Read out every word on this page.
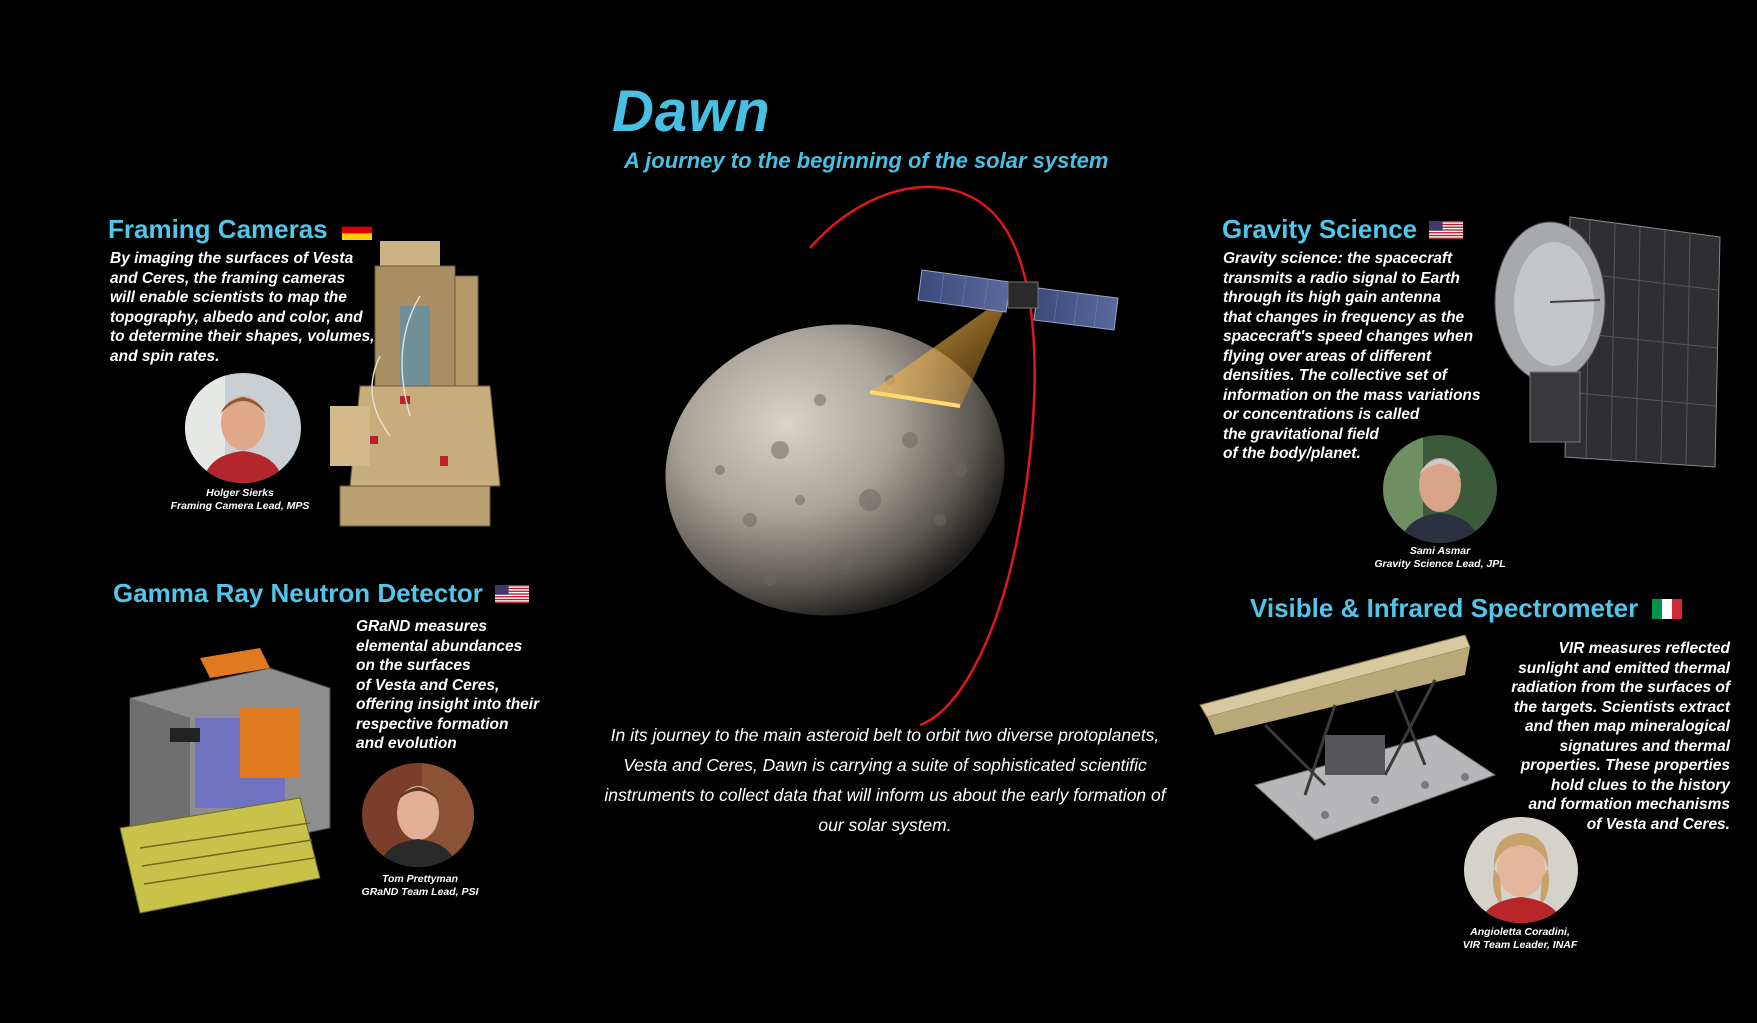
Dawn
A journey to the beginning of the solar system

In its journey to the main asteroid belt to orbit two diverse protoplanets, Vesta and Ceres, Dawn is carrying a suite of sophisticated scientific instruments to collect data that will inform us about the early formation of our solar system.

Framing Cameras

By imaging the surfaces of Vesta
and Ceres, the framing cameras
will enable scientists to map the
topography, albedo and color, and
to determine their shapes, volumes,
and spin rates.

Holger Sierks
Framing Camera Lead, MPS
Gamma Ray Neutron Detector

GRaND measures
elemental abundances
on the surfaces
of Vesta and Ceres,
offering insight into their
respective formation
and evolution

Tom Prettyman
GRaND Team Lead, PSI
Gravity Science

Gravity science: the spacecraft
transmits a radio signal to Earth
through its high gain antenna
that changes in frequency as the
spacecraft's speed changes when
flying over areas of different
densities. The collective set of
information on the mass variations
or concentrations is called
the gravitational field
of the body/planet.

Sami Asmar
Gravity Science Lead, JPL
Visible & Infrared Spectrometer

VIR measures reflected
sunlight and emitted thermal
radiation from the surfaces of
the targets. Scientists extract
and then map mineralogical
signatures and thermal
properties. These properties
hold clues to the history
and formation mechanisms
of Vesta and Ceres.

Angioletta Coradini,
VIR Team Leader, INAF
